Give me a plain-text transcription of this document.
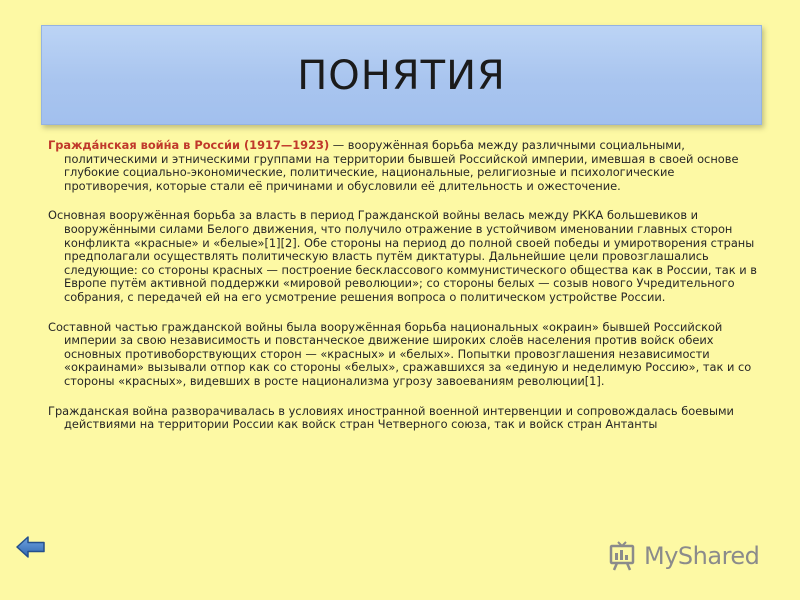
ПОНЯТИЯ

Гражда́нская войн́а в Росси́и (1917—1923) — вооружённая борьба между различными социальными, политическими и этническими группами на территории бывшей Российской империи, имевшая в своей основе глубокие социально-экономические, политические, национальные, религиозные и психологические противоречия, которые стали её причинами и обусловили её длительность и ожесточение.

Основная вооружённая борьба за власть в период Гражданской войны велась между РККА большевиков и вооружёнными силами Белого движения, что получило отражение в устойчивом именовании главных сторон конфликта «красные» и «белые»[1][2]. Обе стороны на период до полной своей победы и умиротворения страны предполагали осуществлять политическую власть путём диктатуры. Дальнейшие цели провозглашались следующие: со стороны красных — построение бесклассового коммунистического общества как в России, так и в Европе путём активной поддержки «мировой революции»; со стороны белых — созыв нового Учредительного собрания, с передачей ей на его усмотрение решения вопроса о политическом устройстве России.

Составной частью гражданской войны была вооружённая борьба национальных «окраин» бывшей Российской империи за свою независимость и повстанческое движение широких слоёв населения против войск обеих основных противоборствующих сторон — «красных» и «белых». Попытки провозглашения независимости «окраинами» вызывали отпор как со стороны «белых», сражавшихся за «единую и неделимую Россию», так и со стороны «красных», видевших в росте национализма угрозу завоеваниям революции[1].

Гражданская война разворачивалась в условиях иностранной военной интервенции и сопровождалась боевыми действиями на территории России как войск стран Четверного союза, так и войск стран Антанты

MyShared
